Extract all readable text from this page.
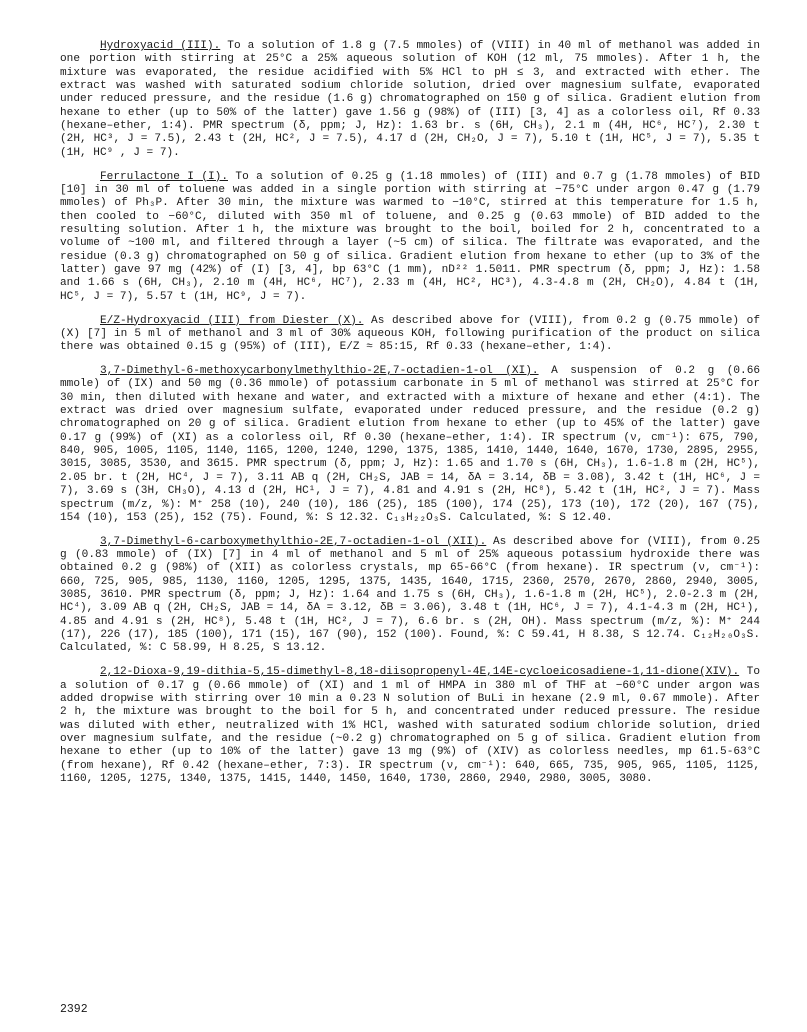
Hydroxyacid (III). To a solution of 1.8 g (7.5 mmoles) of (VIII) in 40 ml of methanol was added in one portion with stirring at 25°C a 25% aqueous solution of KOH (12 ml, 75 mmoles). After 1 h, the mixture was evaporated, the residue acidified with 5% HCl to pH ≤ 3, and extracted with ether. The extract was washed with saturated sodium chloride solution, dried over magnesium sulfate, evaporated under reduced pressure, and the residue (1.6 g) chromatographed on 150 g of silica. Gradient elution from hexane to ether (up to 50% of the latter) gave 1.56 g (98%) of (III) [3, 4] as a colorless oil, Rf 0.33 (hexane–ether, 1:4). PMR spectrum (δ, ppm; J, Hz): 1.63 br. s (6H, CH₃), 2.1 m (4H, HC⁶, HC⁷), 2.30 t (2H, HC³, J = 7.5), 2.43 t (2H, HC², J = 7.5), 4.17 d (2H, CH₂O, J = 7), 5.10 t (1H, HC⁵, J = 7), 5.35 t (1H, HC⁹ , J = 7).

Ferrulactone I (I). To a solution of 0.25 g (1.18 mmoles) of (III) and 0.7 g (1.78 mmoles) of BID [10] in 30 ml of toluene was added in a single portion with stirring at −75°C under argon 0.47 g (1.79 mmoles) of Ph₃P. After 30 min, the mixture was warmed to −10°C, stirred at this temperature for 1.5 h, then cooled to −60°C, diluted with 350 ml of toluene, and 0.25 g (0.63 mmole) of BID added to the resulting solution. After 1 h, the mixture was brought to the boil, boiled for 2 h, concentrated to a volume of ~100 ml, and filtered through a layer (~5 cm) of silica. The filtrate was evaporated, and the residue (0.3 g) chromatographed on 50 g of silica. Gradient elution from hexane to ether (up to 3% of the latter) gave 97 mg (42%) of (I) [3, 4], bp 63°C (1 mm), nD²² 1.5011. PMR spectrum (δ, ppm; J, Hz): 1.58 and 1.66 s (6H, CH₃), 2.10 m (4H, HC⁶, HC⁷), 2.33 m (4H, HC², HC³), 4.3-4.8 m (2H, CH₂O), 4.84 t (1H, HC⁵, J = 7), 5.57 t (1H, HC⁹, J = 7).

E/Z-Hydroxyacid (III) from Diester (X). As described above for (VIII), from 0.2 g (0.75 mmole) of (X) [7] in 5 ml of methanol and 3 ml of 30% aqueous KOH, following purification of the product on silica there was obtained 0.15 g (95%) of (III), E/Z ≈ 85:15, Rf 0.33 (hexane–ether, 1:4).

3,7-Dimethyl-6-methoxycarbonylmethylthio-2E,7-octadien-1-ol (XI). A suspension of 0.2 g (0.66 mmole) of (IX) and 50 mg (0.36 mmole) of potassium carbonate in 5 ml of methanol was stirred at 25°C for 30 min, then diluted with hexane and water, and extracted with a mixture of hexane and ether (4:1). The extract was dried over magnesium sulfate, evaporated under reduced pressure, and the residue (0.2 g) chromatographed on 20 g of silica. Gradient elution from hexane to ether (up to 45% of the latter) gave 0.17 g (99%) of (XI) as a colorless oil, Rf 0.30 (hexane–ether, 1:4). IR spectrum (ν, cm⁻¹): 675, 790, 840, 905, 1005, 1105, 1140, 1165, 1200, 1240, 1290, 1375, 1385, 1410, 1440, 1640, 1670, 1730, 2895, 2955, 3015, 3085, 3530, and 3615. PMR spectrum (δ, ppm; J, Hz): 1.65 and 1.70 s (6H, CH₃), 1.6-1.8 m (2H, HC⁵), 2.05 br. t (2H, HC⁴, J = 7), 3.11 AB q (2H, CH₂S, JAB = 14, δA = 3.14, δB = 3.08), 3.42 t (1H, HC⁶, J = 7), 3.69 s (3H, CH₃O), 4.13 d (2H, HC¹, J = 7), 4.81 and 4.91 s (2H, HC⁸), 5.42 t (1H, HC², J = 7). Mass spectrum (m/z, %): M⁺ 258 (10), 240 (10), 186 (25), 185 (100), 174 (25), 173 (10), 172 (20), 167 (75), 154 (10), 153 (25), 152 (75). Found, %: S 12.32. C₁₃H₂₂O₃S. Calculated, %: S 12.40.

3,7-Dimethyl-6-carboxymethylthio-2E,7-octadien-1-ol (XII). As described above for (VIII), from 0.25 g (0.83 mmole) of (IX) [7] in 4 ml of methanol and 5 ml of 25% aqueous potassium hydroxide there was obtained 0.2 g (98%) of (XII) as colorless crystals, mp 65-66°C (from hexane). IR spectrum (ν, cm⁻¹): 660, 725, 905, 985, 1130, 1160, 1205, 1295, 1375, 1435, 1640, 1715, 2360, 2570, 2670, 2860, 2940, 3005, 3085, 3610. PMR spectrum (δ, ppm; J, Hz): 1.64 and 1.75 s (6H, CH₃), 1.6-1.8 m (2H, HC⁵), 2.0-2.3 m (2H, HC⁴), 3.09 AB q (2H, CH₂S, JAB = 14, δA = 3.12, δB = 3.06), 3.48 t (1H, HC⁶, J = 7), 4.1-4.3 m (2H, HC¹), 4.85 and 4.91 s (2H, HC⁸), 5.48 t (1H, HC², J = 7), 6.6 br. s (2H, OH). Mass spectrum (m/z, %): M⁺ 244 (17), 226 (17), 185 (100), 171 (15), 167 (90), 152 (100). Found, %: C 59.41, H 8.38, S 12.74. C₁₂H₂₀O₃S. Calculated, %: C 58.99, H 8.25, S 13.12.

2,12-Dioxa-9,19-dithia-5,15-dimethyl-8,18-diisopropenyl-4E,14E-cycloeicosadiene-1,11-dione(XIV). To a solution of 0.17 g (0.66 mmole) of (XI) and 1 ml of HMPA in 380 ml of THF at −60°C under argon was added dropwise with stirring over 10 min a 0.23 N solution of BuLi in hexane (2.9 ml, 0.67 mmole). After 2 h, the mixture was brought to the boil for 5 h, and concentrated under reduced pressure. The residue was diluted with ether, neutralized with 1% HCl, washed with saturated sodium chloride solution, dried over magnesium sulfate, and the residue (~0.2 g) chromatographed on 5 g of silica. Gradient elution from hexane to ether (up to 10% of the latter) gave 13 mg (9%) of (XIV) as colorless needles, mp 61.5-63°C (from hexane), Rf 0.42 (hexane–ether, 7:3). IR spectrum (ν, cm⁻¹): 640, 665, 735, 905, 965, 1105, 1125, 1160, 1205, 1275, 1340, 1375, 1415, 1440, 1450, 1640, 1730, 2860, 2940, 2980, 3005, 3080.

2392
